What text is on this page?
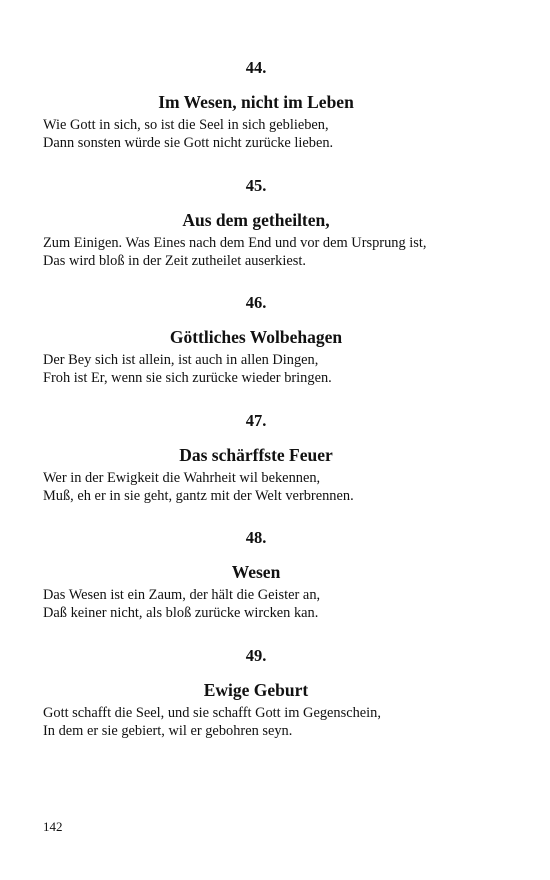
44.

Im Wesen, nicht im Leben

Wie Gott in sich, so ist die Seel in sich geblieben,
Dann sonsten würde sie Gott nicht zurücke lieben.

45.

Aus dem getheilten,

Zum Einigen. Was Eines nach dem End und vor dem Ursprung ist,
Das wird bloß in der Zeit zutheilet auserkiest.

46.

Göttliches Wolbehagen

Der Bey sich ist allein, ist auch in allen Dingen,
Froh ist Er, wenn sie sich zurücke wieder bringen.

47.

Das schärffste Feuer

Wer in der Ewigkeit die Wahrheit wil bekennen,
Muß, eh er in sie geht, gantz mit der Welt verbrennen.

48.

Wesen

Das Wesen ist ein Zaum, der hält die Geister an,
Daß keiner nicht, als bloß zurücke wircken kan.

49.

Ewige Geburt

Gott schafft die Seel, und sie schafft Gott im Gegenschein,
In dem er sie gebiert, wil er gebohren seyn.

142
